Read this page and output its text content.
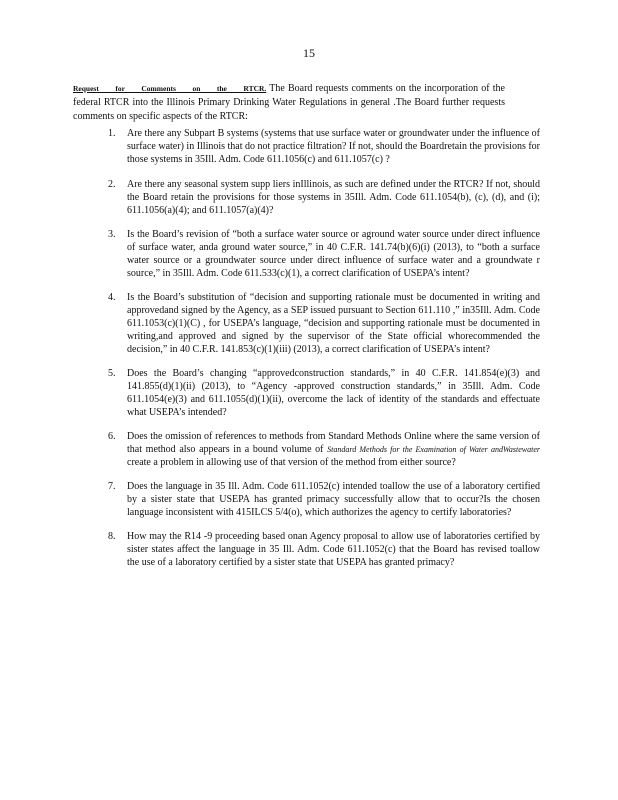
15

Request for Comments on the RTCR. The Board requests comments on the incorporation of the federal RTCR into the Illinois Primary Drinking Water Regulations in general .The Board further requests comments on specific aspects of the RTCR:

1. Are there any Subpart B systems (systems that use surface water or groundwater under the influence of surface water) in Illinois that do not practice filtration? If not, should the Boardretain the provisions for those systems in 35Ill. Adm. Code 611.1056(c) and 611.1057(c) ?
2. Are there any seasonal system supp liers inIllinois, as such are defined under the RTCR? If not, should the Board retain the provisions for those systems in 35Ill. Adm. Code 611.1054(b), (c), (d), and (i); 611.1056(a)(4); and 611.1057(a)(4)?
3. Is the Board’s revision of “both a surface water source or aground water source under direct influence of surface water, anda ground water source,” in 40 C.F.R. 141.74(b)(6)(i) (2013), to “both a surface water source or a groundwater source under direct influence of surface water and a groundwate r source,” in 35Ill. Adm. Code 611.533(c)(1), a correct clarification of USEPA’s intent?
4. Is the Board’s substitution of “decision and supporting rationale must be documented in writing and approvedand signed by the Agency, as a SEP issued pursuant to Section 611.110 ,” in35Ill. Adm. Code 611.1053(c)(1)(C) , for USEPA’s language, “decision and supporting rationale must be documented in writing,and approved and signed by the supervisor of the State official whorecommended the decision,” in 40 C.F.R. 141.853(c)(1)(iii) (2013), a correct clarification of USEPA’s intent?
5. Does the Board’s changing “approvedconstruction standards,” in 40 C.F.R. 141.854(e)(3) and 141.855(d)(1)(ii) (2013), to “Agency -approved construction standards,” in 35Ill. Adm. Code 611.1054(e)(3) and 611.1055(d)(1)(ii), overcome the lack of identity of the standards and effectuate what USEPA’s intended?
6. Does the omission of references to methods from Standard Methods Online where the same version of that method also appears in a bound volume of Standard Methods for the Examination of Water andWastewater create a problem in allowing use of that version of the method from either source?
7. Does the language in 35 Ill. Adm. Code 611.1052(c) intended toallow the use of a laboratory certified by a sister state that USEPA has granted primacy successfully allow that to occur?Is the chosen language inconsistent with 415ILCS 5/4(o), which authorizes the agency to certify laboratories?
8. How may the R14 -9 proceeding based onan Agency proposal to allow use of laboratories certified by sister states affect the language in 35 Ill. Adm. Code 611.1052(c) that the Board has revised toallow the use of a laboratory certified by a sister state that USEPA has granted primacy?
